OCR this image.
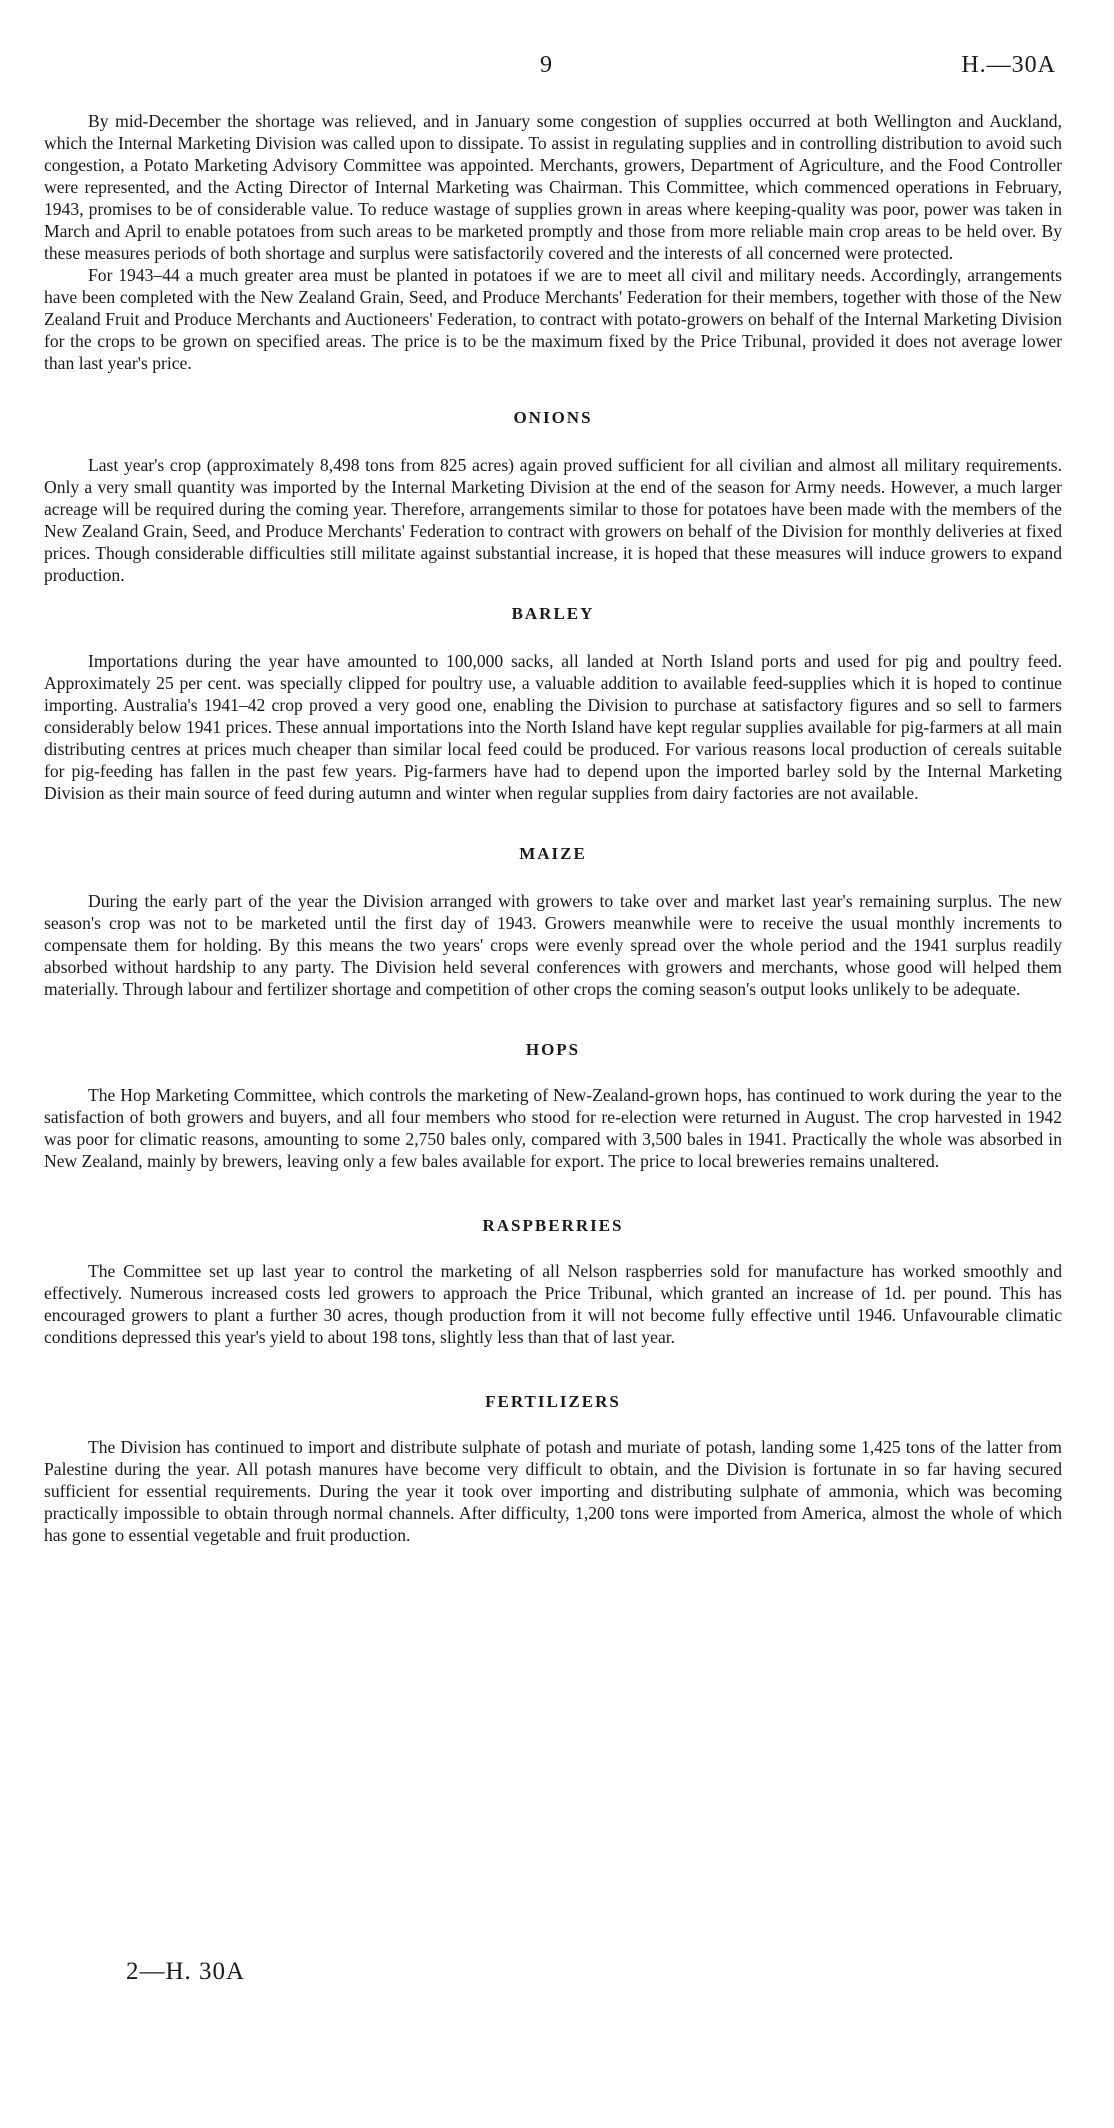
9	H.—30A

By mid-December the shortage was relieved, and in January some congestion of supplies occurred at both Wellington and Auckland, which the Internal Marketing Division was called upon to dissipate. To assist in regulating supplies and in controlling distribution to avoid such congestion, a Potato Marketing Advisory Committee was appointed. Merchants, growers, Department of Agriculture, and the Food Controller were represented, and the Acting Director of Internal Marketing was Chairman. This Committee, which commenced operations in February, 1943, promises to be of considerable value. To reduce wastage of supplies grown in areas where keeping-quality was poor, power was taken in March and April to enable potatoes from such areas to be marketed promptly and those from more reliable main crop areas to be held over. By these measures periods of both shortage and surplus were satisfactorily covered and the interests of all concerned were protected.

For 1943–44 a much greater area must be planted in potatoes if we are to meet all civil and military needs. Accordingly, arrangements have been completed with the New Zealand Grain, Seed, and Produce Merchants' Federation for their members, together with those of the New Zealand Fruit and Produce Merchants and Auctioneers' Federation, to contract with potato-growers on behalf of the Internal Marketing Division for the crops to be grown on specified areas. The price is to be the maximum fixed by the Price Tribunal, provided it does not average lower than last year's price.

ONIONS

Last year's crop (approximately 8,498 tons from 825 acres) again proved sufficient for all civilian and almost all military requirements. Only a very small quantity was imported by the Internal Marketing Division at the end of the season for Army needs. However, a much larger acreage will be required during the coming year. Therefore, arrangements similar to those for potatoes have been made with the members of the New Zealand Grain, Seed, and Produce Merchants' Federation to contract with growers on behalf of the Division for monthly deliveries at fixed prices. Though considerable difficulties still militate against substantial increase, it is hoped that these measures will induce growers to expand production.

BARLEY

Importations during the year have amounted to 100,000 sacks, all landed at North Island ports and used for pig and poultry feed. Approximately 25 per cent. was specially clipped for poultry use, a valuable addition to available feed-supplies which it is hoped to continue importing. Australia's 1941–42 crop proved a very good one, enabling the Division to purchase at satisfactory figures and so sell to farmers considerably below 1941 prices. These annual importations into the North Island have kept regular supplies available for pig-farmers at all main distributing centres at prices much cheaper than similar local feed could be produced. For various reasons local production of cereals suitable for pig-feeding has fallen in the past few years. Pig-farmers have had to depend upon the imported barley sold by the Internal Marketing Division as their main source of feed during autumn and winter when regular supplies from dairy factories are not available.

MAIZE

During the early part of the year the Division arranged with growers to take over and market last year's remaining surplus. The new season's crop was not to be marketed until the first day of 1943. Growers meanwhile were to receive the usual monthly increments to compensate them for holding. By this means the two years' crops were evenly spread over the whole period and the 1941 surplus readily absorbed without hardship to any party. The Division held several conferences with growers and merchants, whose good will helped them materially. Through labour and fertilizer shortage and competition of other crops the coming season's output looks unlikely to be adequate.

HOPS

The Hop Marketing Committee, which controls the marketing of New-Zealand-grown hops, has continued to work during the year to the satisfaction of both growers and buyers, and all four members who stood for re-election were returned in August. The crop harvested in 1942 was poor for climatic reasons, amounting to some 2,750 bales only, compared with 3,500 bales in 1941. Practically the whole was absorbed in New Zealand, mainly by brewers, leaving only a few bales available for export. The price to local breweries remains unaltered.

RASPBERRIES

The Committee set up last year to control the marketing of all Nelson raspberries sold for manufacture has worked smoothly and effectively. Numerous increased costs led growers to approach the Price Tribunal, which granted an increase of 1d. per pound. This has encouraged growers to plant a further 30 acres, though production from it will not become fully effective until 1946. Unfavourable climatic conditions depressed this year's yield to about 198 tons, slightly less than that of last year.

FERTILIZERS

The Division has continued to import and distribute sulphate of potash and muriate of potash, landing some 1,425 tons of the latter from Palestine during the year. All potash manures have become very difficult to obtain, and the Division is fortunate in so far having secured sufficient for essential requirements. During the year it took over importing and distributing sulphate of ammonia, which was becoming practically impossible to obtain through normal channels. After difficulty, 1,200 tons were imported from America, almost the whole of which has gone to essential vegetable and fruit production.

2—H. 30A
